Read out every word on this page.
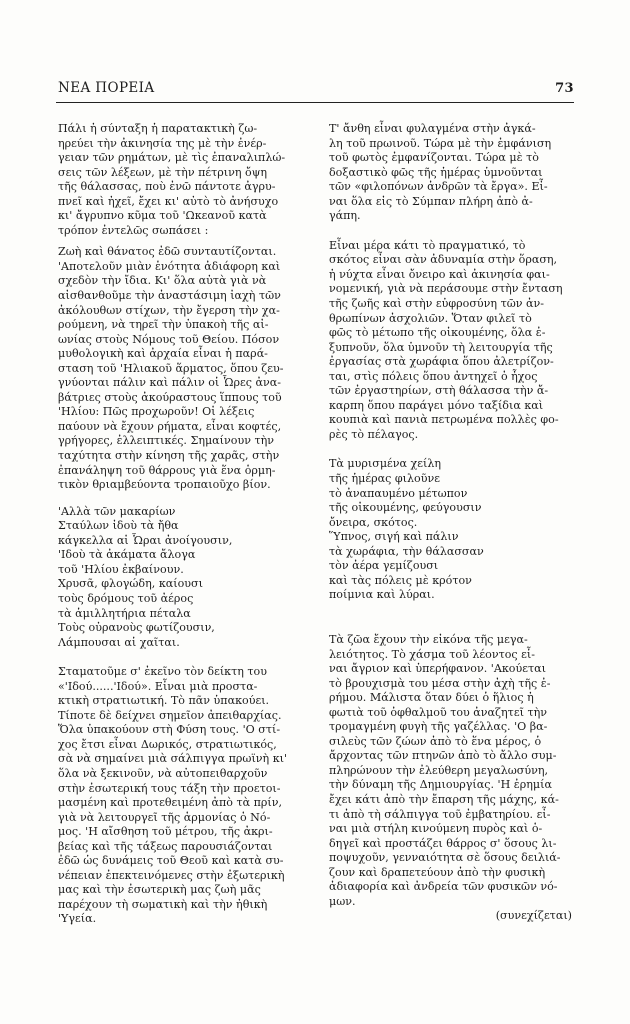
ΝΕΑ ΠΟΡΕΙΑ	73
Πάλι ἡ σύνταξη ἡ παρατακτικὴ ζω-
ηρεύει τὴν ἀκινησία της μὲ τὴν ἐνέρ-
γειαν τῶν ρημάτων, μὲ τὶς ἐπαναλιπλώ-
σεις τῶν λέξεων, μὲ τὴν πέτρινη ὄψη
τῆς θάλασσας, ποὺ ἐνῶ πάντοτε ἀγρυ-
πνεῖ καὶ ἠχεῖ, ἔχει κι' αὐτὸ τὸ ἀνήσυχο
κι' ἄγρυπνο κῦμα τοῦ 'Ωκεανοῦ κατὰ
τρόπον ἐντελῶς σωπάσει :
Ζωὴ καὶ θάνατος ἐδῶ συνταυτίζονται.
'Αποτελοῦν μιὰν ἑνότητα ἀδιάφορη καὶ
σχεδὸν τὴν ἴδια. Κι' ὅλα αὐτὰ γιὰ νὰ
αἰσθανθοῦμε τὴν ἀναστάσιμη ἰαχὴ τῶν
ἀκόλουθων στίχων, τὴν ἔγερση τὴν χα-
ρούμενη, νὰ τηρεῖ τὴν ὑπακοὴ τῆς αἰ-
ωνίας στοὺς Νόμους τοῦ Θείου. Πόσον
μυθολογικὴ καὶ ἀρχαία εἶναι ἡ παρά-
σταση τοῦ 'Ηλιακοῦ ἅρματος, ὅπου ζευ-
γνύονται πάλιν καὶ πάλιν οἱ Ὧρες ἀνα-
βάτριες στοὺς ἀκούραστους ἵππους τοῦ
'Ηλίου: Πῶς προχωροῦν! Οἱ λέξεις
παύουν νὰ ἔχουν ρήματα, εἶναι κοφτές,
γρήγορες, ἐλλειπτικές. Σημαίνουν τὴν
ταχύτητα στὴν κίνηση τῆς χαρᾶς, στὴν
ἐπανάληψη τοῦ θάρρους γιὰ ἕνα ὁρμη-
τικὸν θριαμβεύοντα τροπαιοῦχο βίον.
'Αλλὰ τῶν μακαρίων
Σταύλων ἰδοὺ τὰ ἤθα
κάγκελλα αἱ Ὧραι ἀνοίγουσιν,
'Ιδοὺ τὰ ἀκάματα ἄλογα
τοῦ 'Ηλίου ἐκβαίνουν.
Χρυσᾶ, φλογώδη, καίουσι
τοὺς δρόμους τοῦ ἀέρος
τὰ ἁμιλλητήρια πέταλα
Τοὺς οὐρανοὺς φωτίζουσιν,
Λάμπουσαι αἱ χαῖται.
Σταματοῦμε σ' ἐκεῖνο τὸν δείκτη του
«'Ιδού......'Ιδού». Εἶναι μιὰ προστα-
κτικὴ στρατιωτική. Τὸ πᾶν ὑπακούει.
Τίποτε δὲ δείχνει σημεῖον ἀπειθαρχίας.
Ὅλα ὑπακούουν στὴ Φύση τους. 'Ο στί-
χος ἔτσι εἶναι Δωρικός, στρατιωτικός,
σὰ νὰ σημαίνει μιὰ σάλπιγγα πρωϊνὴ κι'
ὅλα νὰ ξεκινοῦν, νὰ αὐτοπειθαρχοῦν
στὴν ἐσωτερική τους τάξη τὴν προετοι-
μασμένη καὶ προτεθειμένη ἀπὸ τὰ πρίν,
γιὰ νὰ λειτουργεῖ τῆς ἁρμονίας ὁ Νό-
μος. 'Η αἴσθηση τοῦ μέτρου, τῆς ἀκρι-
βείας καὶ τῆς τάξεως παρουσιάζονται
ἐδῶ ὡς δυνάμεις τοῦ Θεοῦ καὶ κατὰ συ-
νέπειαν ἐπεκτεινόμενες στὴν ἐξωτερικὴ
μας καὶ τὴν ἐσωτερικὴ μας ζωὴ μᾶς
παρέχουν τὴ σωματικὴ καὶ τὴν ἠθικὴ
'Υγεία.
Τ' ἄνθη εἶναι φυλαγμένα στὴν ἀγκά-
λη τοῦ πρωινοῦ. Τώρα μὲ τὴν ἐμφάνιση
τοῦ φωτὸς ἐμφανίζονται. Τώρα μὲ τὸ
δοξαστικὸ φῶς τῆς ἡμέρας ὑμνοῦνται
τῶν «φιλοπόνων ἀνδρῶν τὰ ἔργα». Εἶ-
ναι ὅλα εἰς τὸ Σύμπαν πλήρη ἀπὸ ἀ-
γάπη.
Εἶναι μέρα κάτι τὸ πραγματικό, τὸ
σκότος εἶναι σὰν ἀδυναμία στὴν ὅραση,
ἡ νύχτα εἶναι ὄνειρο καὶ ἀκινησία φαι-
νομενική, γιὰ νὰ περάσουμε στὴν ἔνταση
τῆς ζωῆς καὶ στὴν εὐφροσύνη τῶν ἀν-
θρωπίνων ἀσχολιῶν. Ὅταν φιλεῖ τὸ
φῶς τὸ μέτωπο τῆς οἰκουμένης, ὅλα ἐ-
ξυπνοῦν, ὅλα ὑμνοῦν τὴ λειτουργία τῆς
ἐργασίας στὰ χωράφια ὅπου ἀλετρίζον-
ται, στὶς πόλεις ὅπου ἀντηχεῖ ὁ ἦχος
τῶν ἐργαστηρίων, στὴ θάλασσα τὴν ἄ-
καρπη ὅπου παράγει μόνο ταξίδια καὶ
κουπιὰ καὶ πανιὰ πετρωμένα πολλὲς φο-
ρὲς τὸ πέλαγος.
Τὰ μυρισμένα χείλη
τῆς ἡμέρας φιλοῦνε
τὸ ἀναπαυμένο μέτωπον
τῆς οἰκουμένης, φεύγουσιν
ὄνειρα, σκότος.
Ὕπνος, σιγή καὶ πάλιν
τὰ χωράφια, τὴν θάλασσαν
τὸν ἀέρα γεμίζουσι
καὶ τὰς πόλεις μὲ κρότον
ποίμνια καὶ λύραι.
Τὰ ζῶα ἔχουν τὴν εἰκόνα τῆς μεγα-
λειότητος. Τὸ χάσμα τοῦ λέοντος εἶ-
ναι ἄγριον καὶ ὑπερήφανον. 'Ακούεται
τὸ βρουχισμὰ του μέσα στὴν ἀχὴ τῆς ἐ-
ρήμου. Μάλιστα ὅταν δύει ὁ ἥλιος ἡ
φωτιὰ τοῦ ὀφθαλμοῦ του ἀναζητεῖ τὴν
τρομαγμένη φυγὴ τῆς γαζέλλας. 'Ο βα-
σιλεὺς τῶν ζώων ἀπὸ τὸ ἕνα μέρος, ὁ
ἄρχοντας τῶν πτηνῶν ἀπὸ τὸ ἄλλο συμ-
πληρώνουν τὴν ἐλεύθερη μεγαλωσύνη,
τὴν δύναμη τῆς Δημιουργίας. 'Η ἐρημία
ἔχει κάτι ἀπὸ τὴν ἔπαρση τῆς μάχης, κά-
τι ἀπὸ τὴ σάλπιγγα τοῦ ἐμβατηρίου. εἶ-
ναι μιὰ στήλη κινούμενη πυρὸς καὶ ὁ-
δηγεῖ καὶ προστάζει θάρρος σ' ὅσους λι-
ποψυχοῦν, γενναιότητα σὲ ὅσους δειλιά-
ζουν καὶ δραπετεύουν ἀπὸ τὴν φυσικὴ
ἀδιαφορία καὶ ἀνδρεία τῶν φυσικῶν νό-
μων.

(συνεχίζεται)
